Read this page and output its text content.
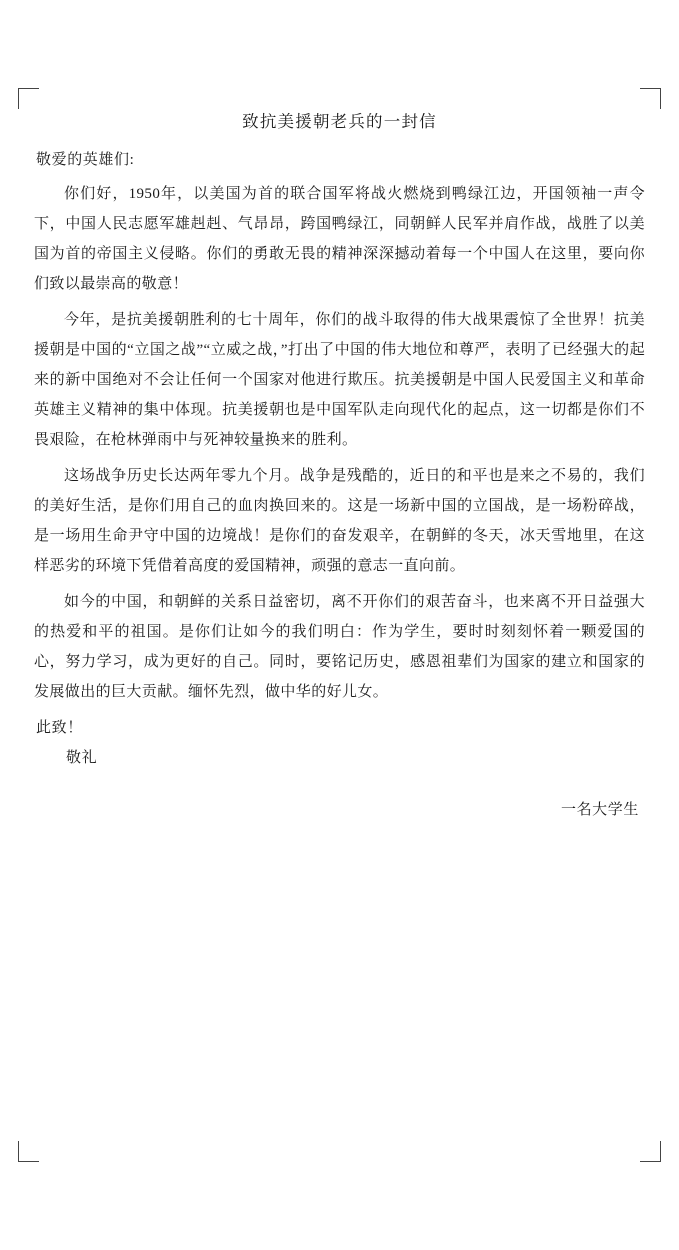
致抗美援朝老兵的一封信
敬爱的英雄们:

你们好，1950年，以美国为首的联合国军将战火燃烧到鸭绿江边，开国领袖一声令下，中国人民志愿军雄赳赳、气昂昂，跨国鸭绿江，同朝鲜人民军并肩作战，战胜了以美国为首的帝国主义侵略。你们的勇敢无畏的精神深深撼动着每一个中国人在这里，要向你们致以最崇高的敬意！

今年，是抗美援朝胜利的七十周年，你们的战斗取得的伟大战果震惊了全世界！抗美援朝是中国的“立国之战”“立威之战，”打出了中国的伟大地位和尊严，表明了已经强大的起来的新中国绝对不会让任何一个国家对他进行欺压。抗美援朝是中国人民爱国主义和革命英雄主义精神的集中体现。抗美援朝也是中国军队走向现代化的起点，这一切都是你们不畏艰险，在枪林弹雨中与死神较量换来的胜利。

这场战争历史长达两年零九个月。战争是残酷的，近日的和平也是来之不易的，我们的美好生活，是你们用自己的血肉换回来的。这是一场新中国的立国战，是一场粉碎战，是一场用生命尹守中国的边境战！是你们的奋发艰辛，在朝鲜的冬天，冰天雪地里，在这样恶劣的环境下凭借着高度的爱国精神，顽强的意志一直向前。

如今的中国，和朝鲜的关系日益密切，离不开你们的艰苦奋斗，也来离不开日益强大的热爱和平的祖国。是你们让如今的我们明白：作为学生，要时时刻刻怀着一颗爱国的心，努力学习，成为更好的自己。同时，要铭记历史，感恩祖辈们为国家的建立和国家的发展做出的巨大贡献。缅怀先烈，做中华的好儿女。

此致！
敬礼
一名大学生
